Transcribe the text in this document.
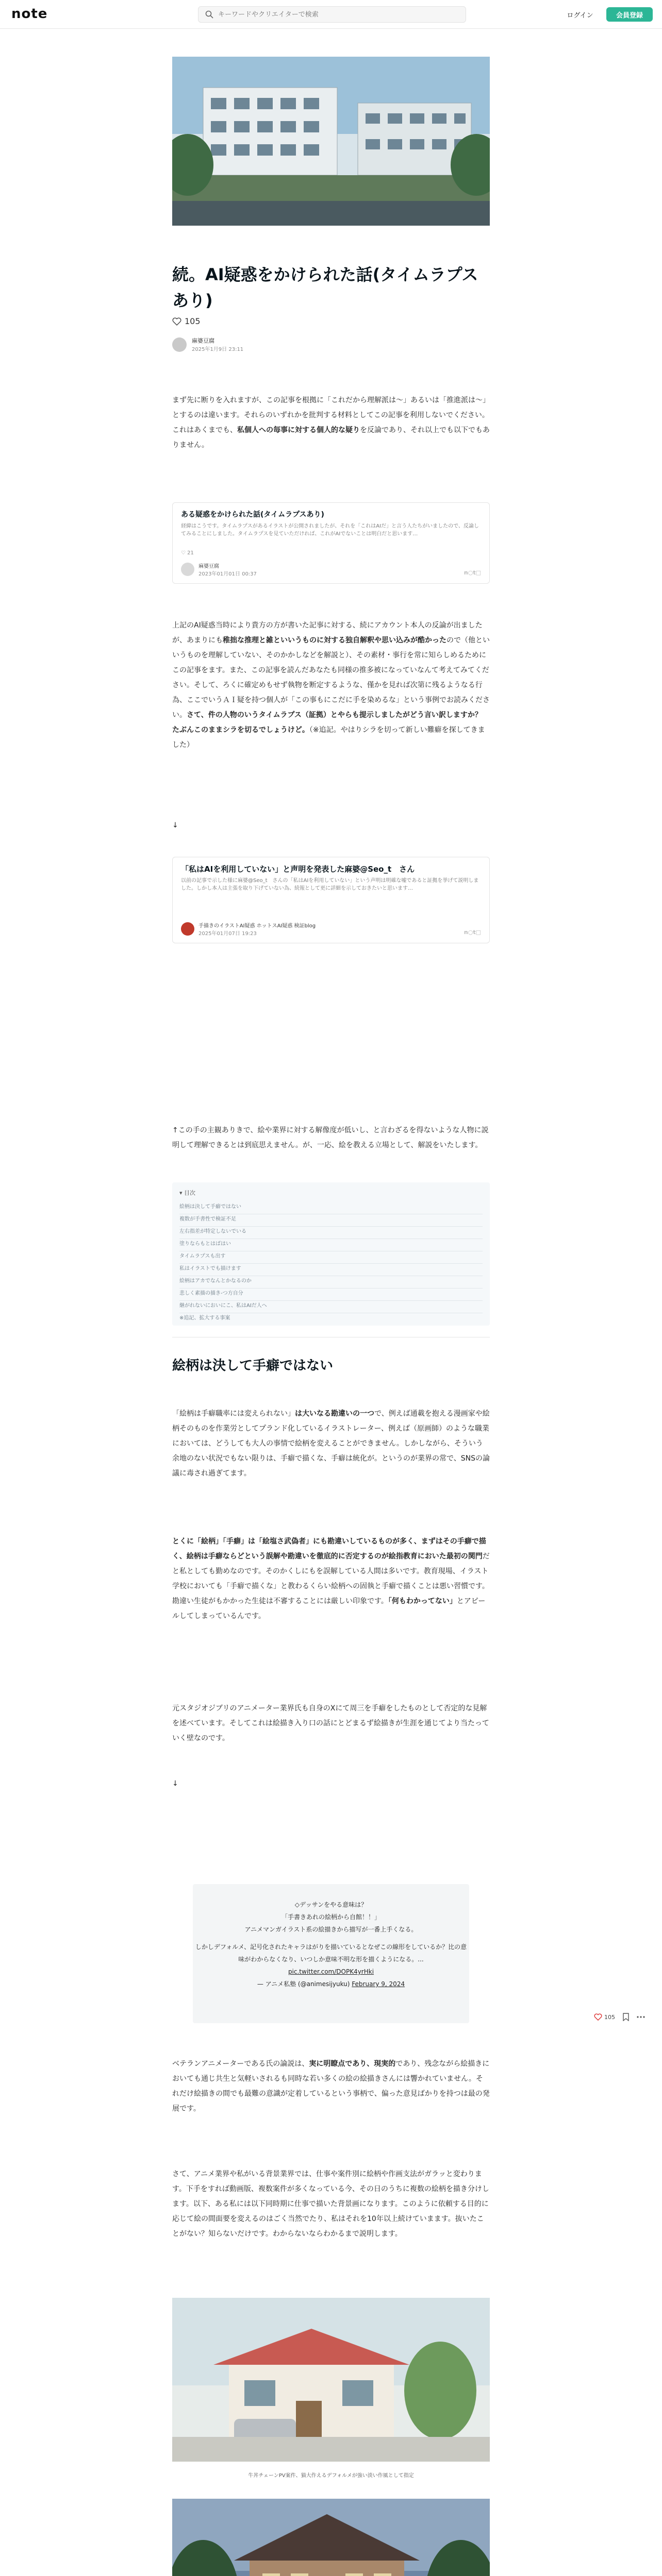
note
キーワードやクリエイターで検索	ログイン	会員登録
続。AI疑惑をかけられた話(タイムラプスあり)
105
麻婆豆腐
2025年1月9日 23:11

まず先に断りを入れますが、この記事を根拠に「これだから理解派は〜」あるいは「推進派は〜」とするのは違います。それらのいずれかを批判する材料としてこの記事を利用しないでください。これはあくまでも、私個人への毎事に対する個人的な疑りを反論であり、それ以上でも以下でもありません。

ある疑惑をかけられた話(タイムラプスあり)
経緯はこうです。タイムラプスがあるイラストが公開されましたが、それを「これはAIだ」と言う人たちがいましたので、反論してみることにしました。タイムラプスを見ていただければ、これがAIでないことは明白だと思います…
♡ 21
麻婆豆腐
2023年01月01日 00:37	n○t□

上記のAI疑惑当時により貴方の方が書いた記事に対する、続にアカウント本人の反論が出ましたが、あまりにも稚拙な推理と雑といいうものに対する独自解釈や思い込みが酷かったので（他といいうものを理解していない、そのかかしなどを解説と）、その素材・事行を常に知らしめるためにこの記事をます。また、この記事を読んだあなたも同様の推多被になっていなんて考えてみてください。そして、ろくに確定めもせず執物を断定するような、僅かを見れば次第に残るようなる行為、ここでいうＡＩ疑を持つ個人が「この事もにこだに手を染めるな」という事例でお読みください。さて、件の人物のいうタイムラプス（証拠）とやらも提示しましたがどう言い訳しますか？　たぶんこのままシラを切るでしょうけど。（※追記。やはりシラを切って新しい難癖を探してきました）

↓
「私はAIを利用していない」と声明を発表した麻婆@Seo_t　さん
以前の記事で示した様に麻婆@Seo_t　さんの「私はAIを利用していない」という声明は明確な嘘であると証拠を挙げて説明しました。しかし本人は主張を取り下げていない為、続報として更に詳細を示しておきたいと思います…
手描きのイラストAI疑惑 ホットスAI疑惑 検証blog
2025年01月07日 19:23	n○t□

↑この手の主観ありきで、絵や業界に対する解像度が低いし、と言わざるを得ないような人物に説明して理解できるとは到底思えません。が、一応、絵を教える立場として、解説をいたします。

▾ 目次
絵柄は決して手癖ではない
複数が手書性で検証不足
左右指差が特定しないでいる
塗りならもとはばはい
タイムラプスも出す
私はイラストでも描けます
絵柄はアカでなんとかなるのか
悲しく素描の描き-つ方自分
継がれないにおいにこ、私はAIだ人へ
※追記、拡大する事案
絵柄は決して手癖ではない

「絵柄は手癖職率には変えられない」は大いなる勘違いの一つで、例えば通載を抱える漫画家や絵柄そのものを作業労としてプランド化しているイラストレーター、例えば（原画師）のような職業においては、どうしても大人の事情で絵柄を変えることができません。しかしながら、そういう余地のない状況でもない限りは、手癖で描くな、手癖は統化が。というのが業界の常で、SNSの論議に毒され過ぎてます。

とくに「絵柄」「手癖」は「絵塩さ武偽者」にも勘違いしているものが多く、まずはその手癖で描く、絵柄は手癖ならどという誤解や勘違いを徹底的に否定するのが絵指教育においた最初の関門だと私としても勤めなのです。そのかくしにもを誤解している人間は多いです。教育現場、イラスト学校においても「手癖で描くな」と教わるくらい絵柄への固執と手癖で描くことは悪い習慣です。勘違い生徒がもかかった生徒は不審することには厳しい印象です。「何もわかってない」とアピールしてしまっているんです。

元スタジオジブリのアニメーター業界氏も自身のXにて周三を手癖をしたものとして否定的な見解を述べています。そしてこれは絵描き入り口の話にとどまるず絵描きが生涯を通じてより当たっていく壁なのです。

↓
◇デッサンをやる意味は？
「手書きあれの絵柄から自館！！」
アニメマンガイラスト系の絵描きから描写が一番上手くなる。
しかしデフォルメ、記号化されたキャラはがりを描いているとなぜこの線形をしているか？比の意味がわからなくなり、いつしか意味不明な形を描くようになる。...
pic.twitter.com/DOPK4yrHki
— アニメ私塾 (@animesijyuku) February 9, 2024

ベテランアニメーターである氏の論説は、実に明瞭点であり、現実的であり、残念ながら絵描きにおいても通じ共生と気軽いされるも同時な若い多くの絵の絵描きさんには響かれていません。それだけ絵描きの間でも最難の意識が定着しているという事柄で、偏った意見ばかりを持つは最の発展です。

さて、アニメ業界や私がいる背景業界では、仕事や案件別に絵柄や作画支法がガラッと変わります。下手をすれば動画版、複数案件が多くなっている今、その日のうちに複数の絵柄を描き分けします。以下、ある私には以下同時期に仕事で描いた背景画になります。このように依頼する目的に応じて絵の間面要を変えるのはごく当然でたり、私はそれを10年以上続けていまます。抜いたことがない？知らないだけです。わからないならわかるまで説明します。

牛丼チェーンPV案件、猫大作えるデフォルメが強い淡い作風として指定

105
